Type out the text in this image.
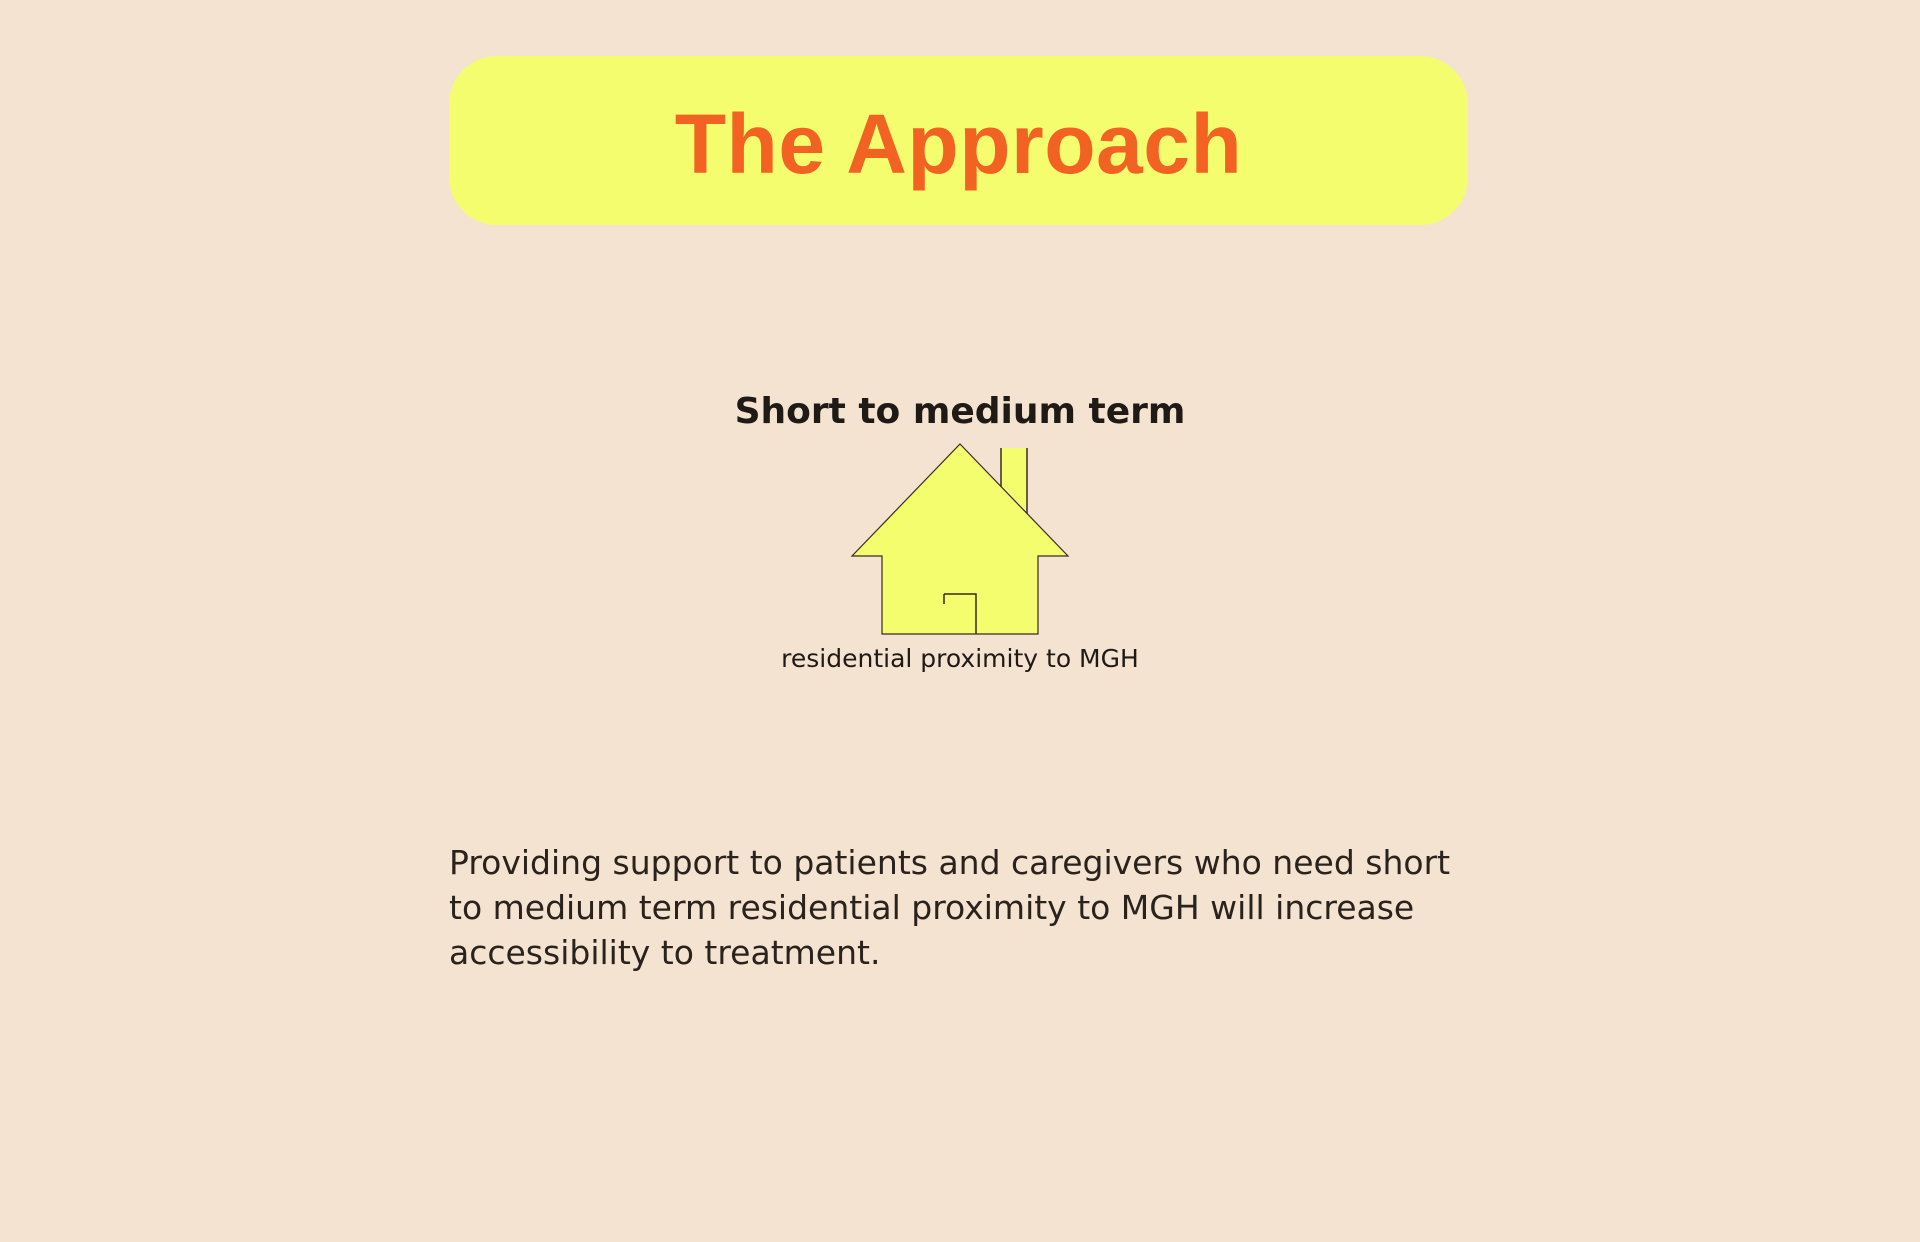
The Approach
Short to medium term
residential proximity to MGH

Providing support to patients and caregivers who need short to medium term residential proximity to MGH will increase accessibility to treatment.
